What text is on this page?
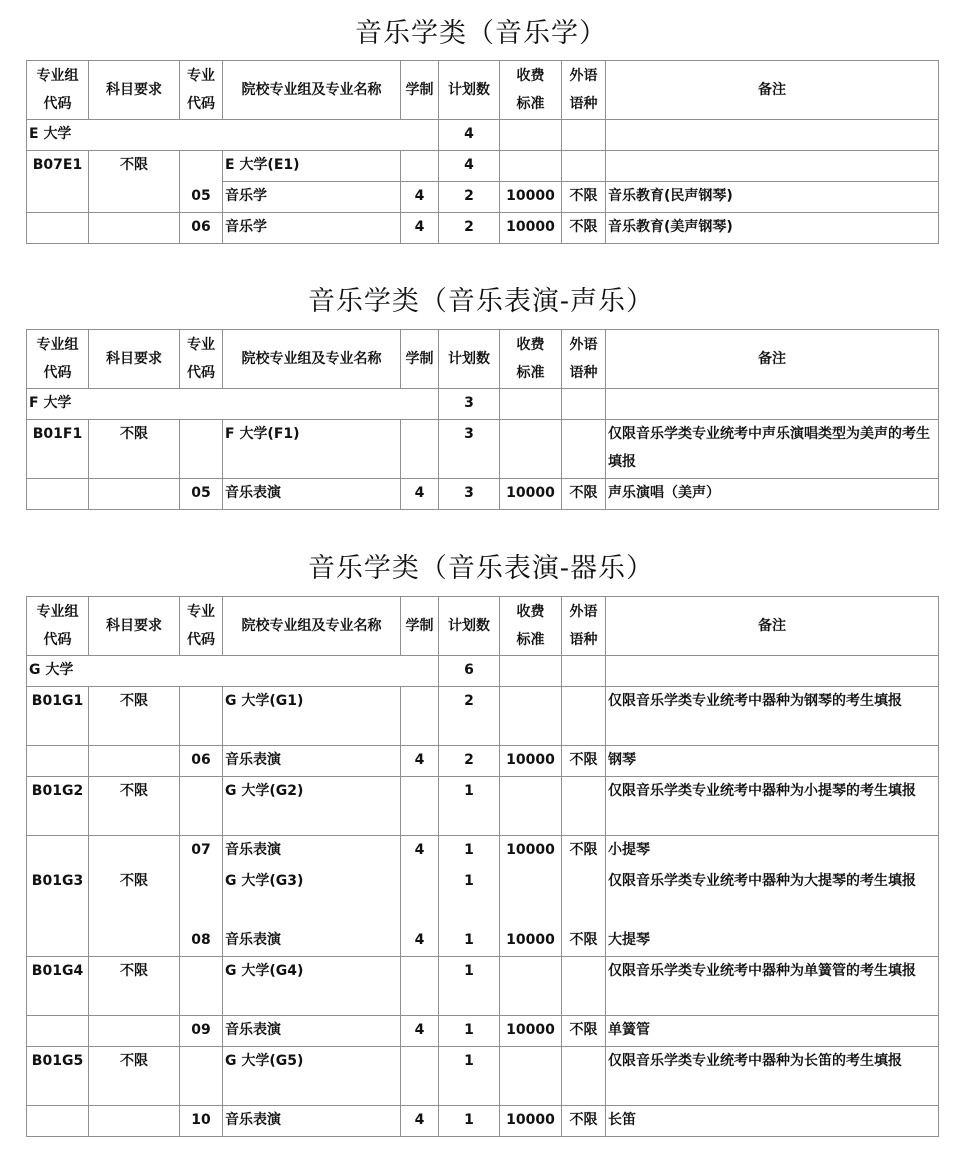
音乐学类（音乐学）
专业组
代码	科目要求	专业
代码	院校专业组及专业名称	学制	计划数	收费
标准	外语
语种	备注
E 大学					4			
B07E1	不限		E 大学(E1)		4			
		05	音乐学	4	2	10000	不限	音乐教育(民声钢琴)
		06	音乐学	4	2	10000	不限	音乐教育(美声钢琴)
音乐学类（音乐表演-声乐）
专业组
代码	科目要求	专业
代码	院校专业组及专业名称	学制	计划数	收费
标准	外语
语种	备注
F 大学					3			
B01F1	不限		F 大学(F1)		3			仅限音乐学类专业统考中声乐演唱类型为美声的考生填报
		05	音乐表演	4	3	10000	不限	声乐演唱（美声）
音乐学类（音乐表演-器乐）
专业组
代码	科目要求	专业
代码	院校专业组及专业名称	学制	计划数	收费
标准	外语
语种	备注
G 大学					6			
B01G1	不限		G 大学(G1)		2			仅限音乐学类专业统考中器种为钢琴的考生填报
		06	音乐表演	4	2	10000	不限	钢琴
B01G2	不限		G 大学(G2)		1			仅限音乐学类专业统考中器种为小提琴的考生填报
		07	音乐表演	4	1	10000	不限	小提琴
B01G3	不限		G 大学(G3)		1			仅限音乐学类专业统考中器种为大提琴的考生填报
		08	音乐表演	4	1	10000	不限	大提琴
B01G4	不限		G 大学(G4)		1			仅限音乐学类专业统考中器种为单簧管的考生填报
		09	音乐表演	4	1	10000	不限	单簧管
B01G5	不限		G 大学(G5)		1			仅限音乐学类专业统考中器种为长笛的考生填报
		10	音乐表演	4	1	10000	不限	长笛
